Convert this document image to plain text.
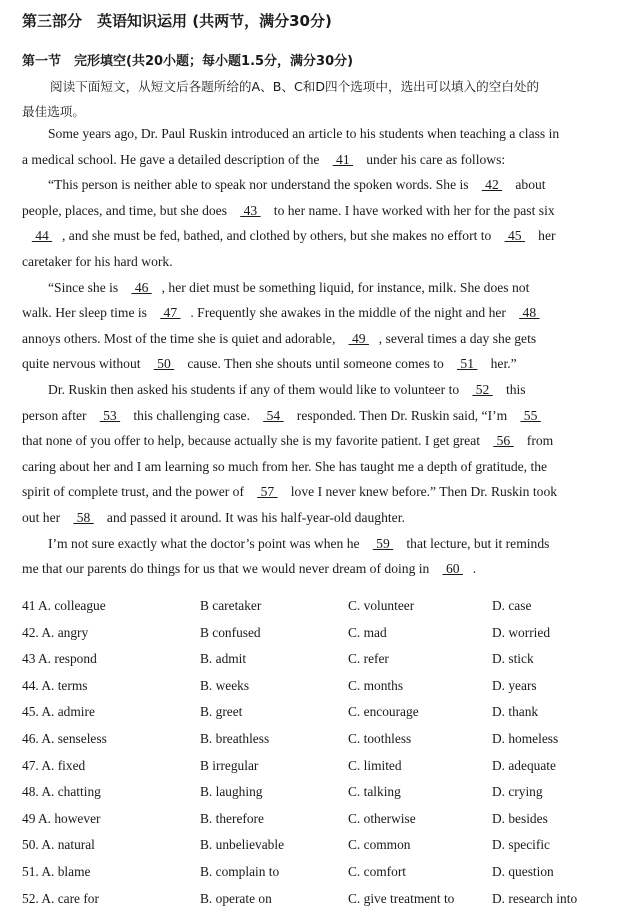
第三部分　英语知识运用 (共两节，满分30分)
第一节　完形填空(共20小题；每小题1.5分，满分30分)
阅读下面短文，从短文后各题所给的A、B、C和D四个选项中，选出可以填入的空白处的
最佳选项。
Some years ago, Dr. Paul Ruskin introduced an article to his students when teaching a class in
a medical school. He gave a detailed description of the  41  under his care as follows:
“This person is neither able to speak nor understand the spoken words. She is  42  about
people, places, and time, but she does  43  to her name. I have worked with her for the past six
44 , and she must be fed, bathed, and clothed by others, but she makes no effort to  45  her
caretaker for his hard work.
“Since she is  46 , her diet must be something liquid, for instance, milk. She does not
walk. Her sleep time is  47 . Frequently she awakes in the middle of the night and her  48
annoys others. Most of the time she is quiet and adorable,  49 , several times a day she gets
quite nervous without  50  cause. Then she shouts until someone comes to  51  her.”
Dr. Ruskin then asked his students if any of them would like to volunteer to  52  this
person after  53  this challenging case.  54  responded. Then Dr. Ruskin said, “I’m  55
that none of you offer to help, because actually she is my favorite patient. I get great  56  from
caring about her and I am learning so much from her. She has taught me a depth of gratitude, the
spirit of complete trust, and the power of  57  love I never knew before.” Then Dr. Ruskin took
out her  58  and passed it around. It was his half-year-old daughter.
I’m not sure exactly what the doctor’s point was when he  59  that lecture, but it reminds
me that our parents do things for us that we would never dream of doing in  60 .
41 A. colleague	B caretaker	C. volunteer	D. case
42. A. angry	B confused	C. mad	D. worried
43 A. respond	B. admit	C. refer	D. stick
44. A. terms	B. weeks	C. months	D. years
45. A. admire	B. greet	C. encourage	D. thank
46. A. senseless	B. breathless	C. toothless	D. homeless
47. A. fixed	B irregular	C. limited	D. adequate
48. A. chatting	B. laughing	C. talking	D. crying
49 A. however	B. therefore	C. otherwise	D. besides
50. A. natural	B. unbelievable	C. common	D. specific
51. A. blame	B. complain to	C. comfort	D. question
52. A. care for	B. operate on	C. give treatment to	D. research into
